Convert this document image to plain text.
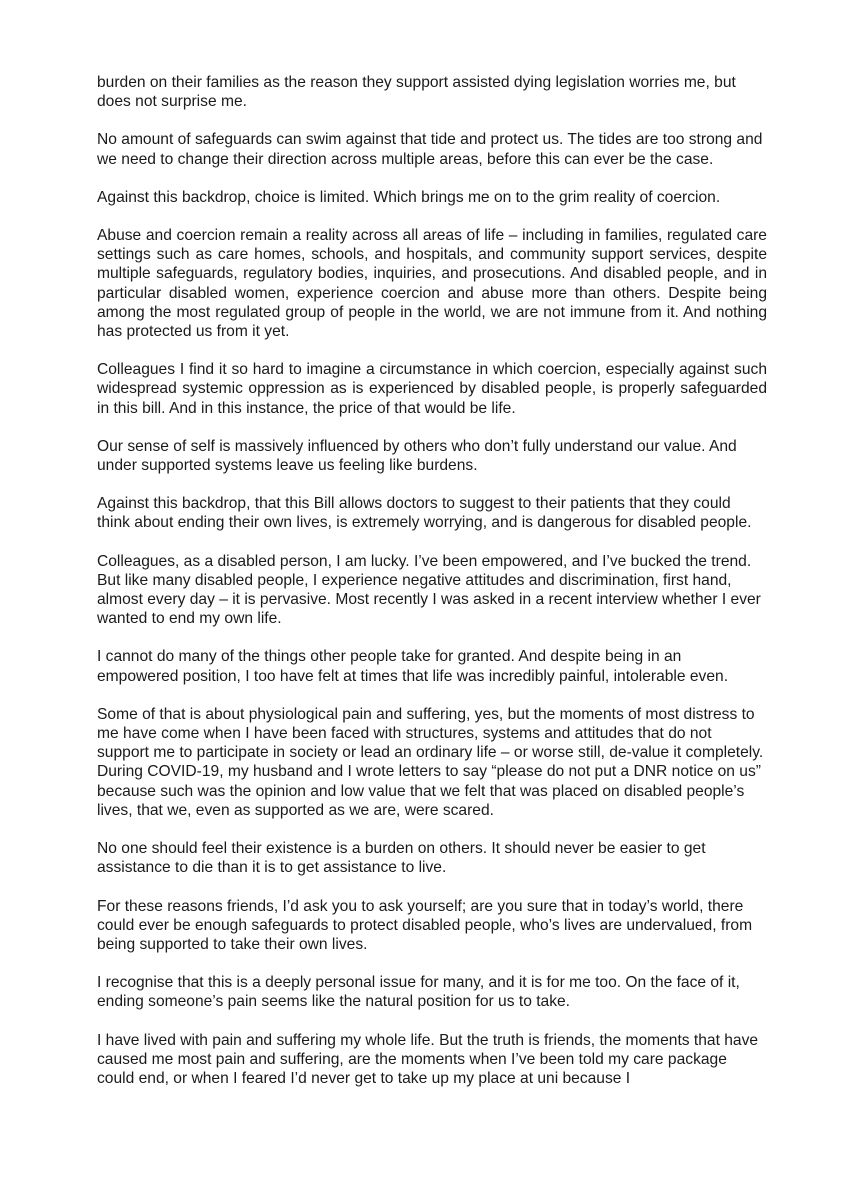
burden on their families as the reason they support assisted dying legislation worries me, but does not surprise me.

No amount of safeguards can swim against that tide and protect us. The tides are too strong and we need to change their direction across multiple areas, before this can ever be the case.

Against this backdrop, choice is limited. Which brings me on to the grim reality of coercion.

Abuse and coercion remain a reality across all areas of life – including in families, regulated care settings such as care homes, schools, and hospitals, and community support services, despite multiple safeguards, regulatory bodies, inquiries, and prosecutions. And disabled people, and in particular disabled women, experience coercion and abuse more than others. Despite being among the most regulated group of people in the world, we are not immune from it. And nothing has protected us from it yet.

Colleagues I find it so hard to imagine a circumstance in which coercion, especially against such widespread systemic oppression as is experienced by disabled people, is properly safeguarded in this bill. And in this instance, the price of that would be life.

Our sense of self is massively influenced by others who don’t fully understand our value. And under supported systems leave us feeling like burdens.

Against this backdrop, that this Bill allows doctors to suggest to their patients that they could think about ending their own lives, is extremely worrying, and is dangerous for disabled people.

Colleagues, as a disabled person, I am lucky. I’ve been empowered, and I’ve bucked the trend. But like many disabled people, I experience negative attitudes and discrimination, first hand, almost every day – it is pervasive. Most recently I was asked in a recent interview whether I ever wanted to end my own life.

I cannot do many of the things other people take for granted. And despite being in an empowered position, I too have felt at times that life was incredibly painful, intolerable even.

Some of that is about physiological pain and suffering, yes, but the moments of most distress to me have come when I have been faced with structures, systems and attitudes that do not support me to participate in society or lead an ordinary life – or worse still, de-value it completely. During COVID-19, my husband and I wrote letters to say “please do not put a DNR notice on us” because such was the opinion and low value that we felt that was placed on disabled people’s lives, that we, even as supported as we are, were scared.

No one should feel their existence is a burden on others. It should never be easier to get assistance to die than it is to get assistance to live.

For these reasons friends, I’d ask you to ask yourself; are you sure that in today’s world, there could ever be enough safeguards to protect disabled people, who’s lives are undervalued, from being supported to take their own lives.

I recognise that this is a deeply personal issue for many, and it is for me too. On the face of it, ending someone’s pain seems like the natural position for us to take.

I have lived with pain and suffering my whole life. But the truth is friends, the moments that have caused me most pain and suffering, are the moments when I’ve been told my care package could end, or when I feared I’d never get to take up my place at uni because I
